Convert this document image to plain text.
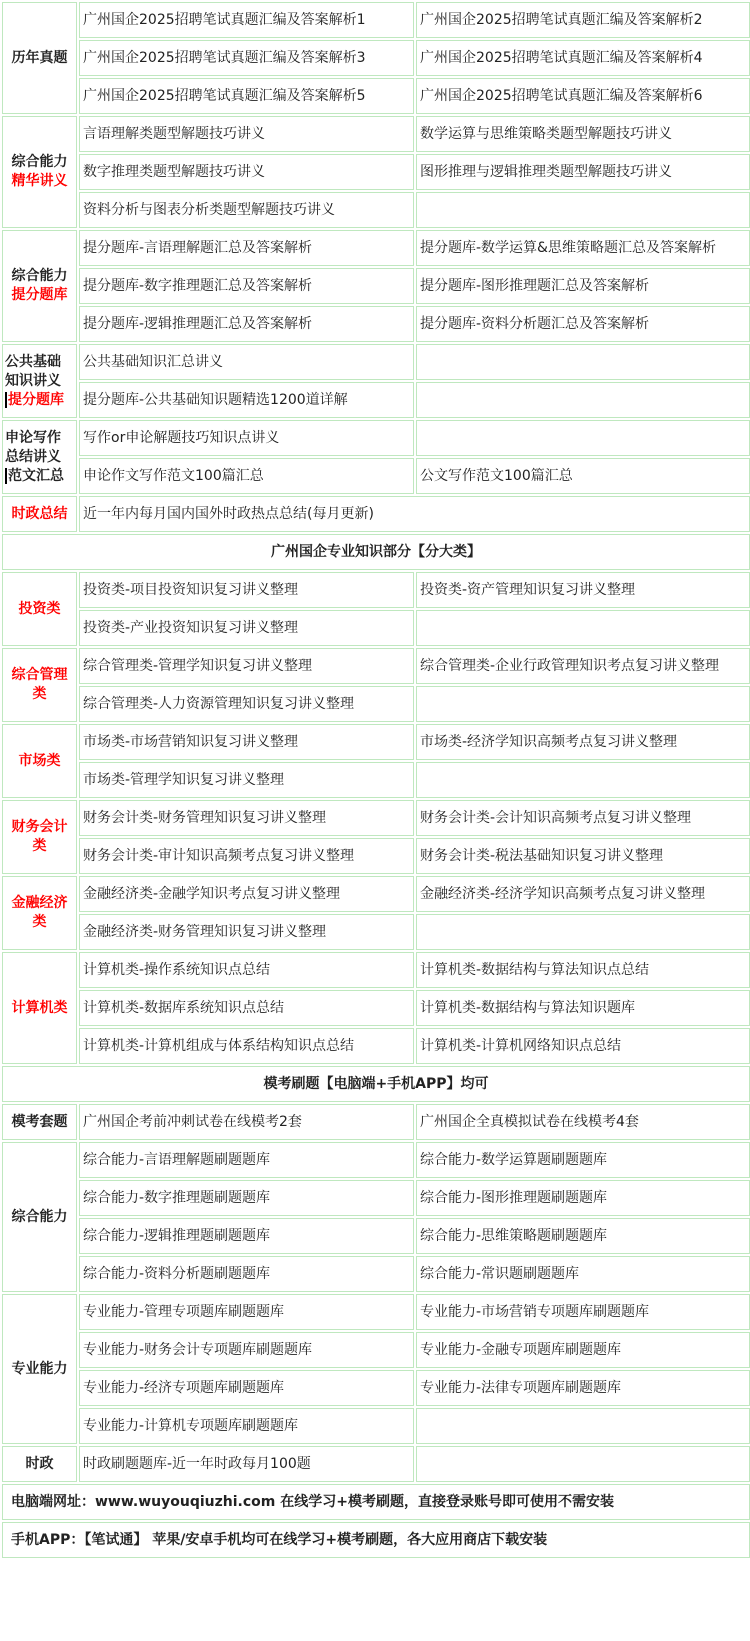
历年真题	广州国企2025招聘笔试真题汇编及答案解析1	广州国企2025招聘笔试真题汇编及答案解析2
	广州国企2025招聘笔试真题汇编及答案解析3	广州国企2025招聘笔试真题汇编及答案解析4
	广州国企2025招聘笔试真题汇编及答案解析5	广州国企2025招聘笔试真题汇编及答案解析6
综合能力
精华讲义	言语理解类题型解题技巧讲义	数学运算与思维策略类题型解题技巧讲义
	数字推理类题型解题技巧讲义	图形推理与逻辑推理类题型解题技巧讲义
	资料分析与图表分析类题型解题技巧讲义	
综合能力
提分题库	提分题库-言语理解题汇总及答案解析	提分题库-数学运算&思维策略题汇总及答案解析
	提分题库-数字推理题汇总及答案解析	提分题库-图形推理题汇总及答案解析
	提分题库-逻辑推理题汇总及答案解析	提分题库-资料分析题汇总及答案解析
公共基础
知识讲义
提分题库	公共基础知识汇总讲义	
	提分题库-公共基础知识题精选1200道详解	
申论写作
总结讲义
范文汇总	写作or申论解题技巧知识点讲义	
	申论作文写作范文100篇汇总	公文写作范文100篇汇总
时政总结	近一年内每月国内国外时政热点总结(每月更新)	
广州国企专业知识部分【分大类】		
投资类	投资类-项目投资知识复习讲义整理	投资类-资产管理知识复习讲义整理
	投资类-产业投资知识复习讲义整理	
综合管理
类	综合管理类-管理学知识复习讲义整理	综合管理类-企业行政管理知识考点复习讲义整理
	综合管理类-人力资源管理知识复习讲义整理	
市场类	市场类-市场营销知识复习讲义整理	市场类-经济学知识高频考点复习讲义整理
	市场类-管理学知识复习讲义整理	
财务会计
类	财务会计类-财务管理知识复习讲义整理	财务会计类-会计知识高频考点复习讲义整理
	财务会计类-审计知识高频考点复习讲义整理	财务会计类-税法基础知识复习讲义整理
金融经济
类	金融经济类-金融学知识考点复习讲义整理	金融经济类-经济学知识高频考点复习讲义整理
	金融经济类-财务管理知识复习讲义整理	
计算机类	计算机类-操作系统知识点总结	计算机类-数据结构与算法知识点总结
	计算机类-数据库系统知识点总结	计算机类-数据结构与算法知识题库
	计算机类-计算机组成与体系结构知识点总结	计算机类-计算机网络知识点总结
模考刷题【电脑端+手机APP】均可		
模考套题	广州国企考前冲刺试卷在线模考2套	广州国企全真模拟试卷在线模考4套
综合能力	综合能力-言语理解题刷题题库	综合能力-数学运算题刷题题库
	综合能力-数字推理题刷题题库	综合能力-图形推理题刷题题库
	综合能力-逻辑推理题刷题题库	综合能力-思维策略题刷题题库
	综合能力-资料分析题刷题题库	综合能力-常识题刷题题库
专业能力	专业能力-管理专项题库刷题题库	专业能力-市场营销专项题库刷题题库
	专业能力-财务会计专项题库刷题题库	专业能力-金融专项题库刷题题库
	专业能力-经济专项题库刷题题库	专业能力-法律专项题库刷题题库
	专业能力-计算机专项题库刷题题库	
时政	时政刷题题库-近一年时政每月100题	
电脑端网址：www.wuyouqiuzhi.com 在线学习+模考刷题，直接登录账号即可使用不需安装		
手机APP：【笔试通】 苹果/安卓手机均可在线学习+模考刷题，各大应用商店下载安装		
